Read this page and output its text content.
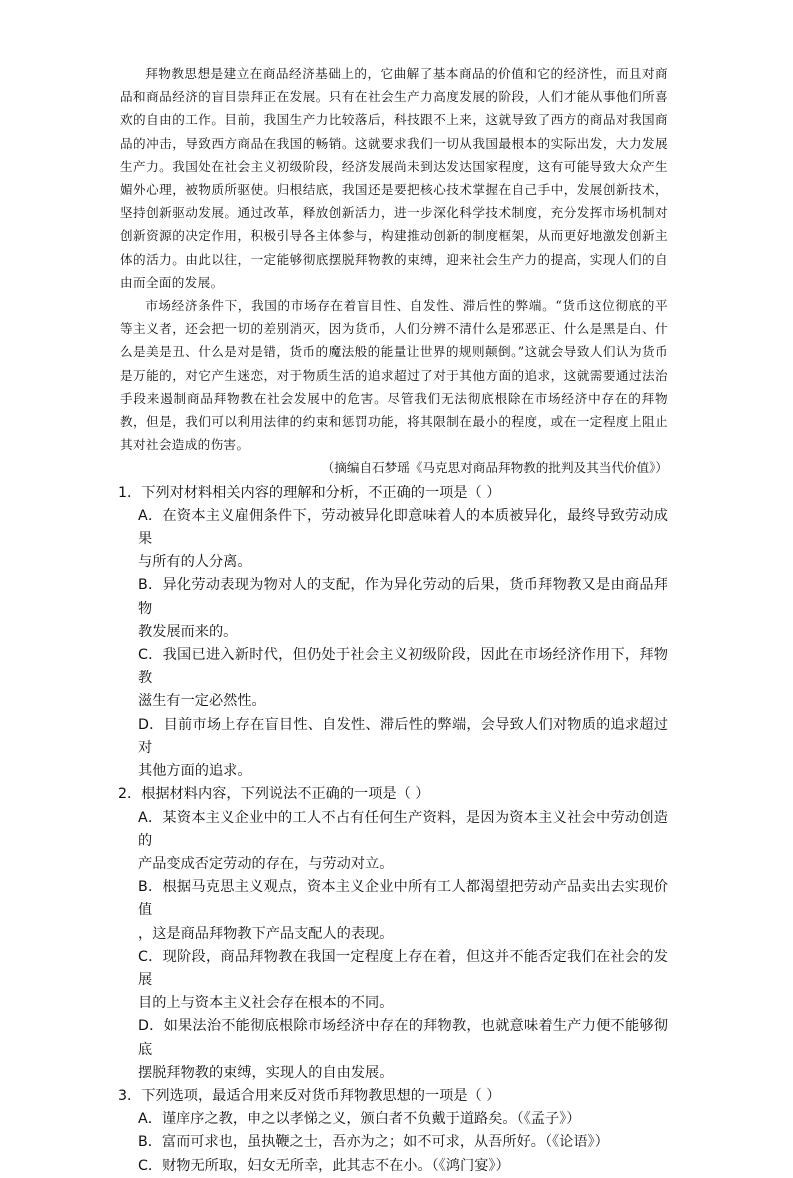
拜物教思想是建立在商品经济基础上的，它曲解了基本商品的价值和它的经济性，而且对商品和商品经济的盲目崇拜正在发展。只有在社会生产力高度发展的阶段，人们才能从事他们所喜欢的自由的工作。目前，我国生产力比较落后，科技跟不上来，这就导致了西方的商品对我国商品的冲击，导致西方商品在我国的畅销。这就要求我们一切从我国最根本的实际出发，大力发展生产力。我国处在社会主义初级阶段，经济发展尚未到达发达国家程度，这有可能导致大众产生媚外心理，被物质所驱使。归根结底，我国还是要把核心技术掌握在自己手中，发展创新技术，坚持创新驱动发展。通过改革，释放创新活力，进一步深化科学技术制度，充分发挥市场机制对创新资源的决定作用，积极引导各主体参与，构建推动创新的制度框架，从而更好地激发创新主体的活力。由此以往，一定能够彻底摆脱拜物教的束缚，迎来社会生产力的提高，实现人们的自由而全面的发展。

市场经济条件下，我国的市场存在着盲目性、自发性、滞后性的弊端。“货币这位彻底的平等主义者，还会把一切的差别消灭，因为货币，人们分辨不清什么是邪恶正、什么是黑是白、什么是美是丑、什么是对是错，货币的魔法般的能量让世界的规则颠倒。”这就会导致人们认为货币是万能的，对它产生迷恋，对于物质生活的追求超过了对于其他方面的追求，这就需要通过法治手段来遏制商品拜物教在社会发展中的危害。尽管我们无法彻底根除在市场经济中存在的拜物教，但是，我们可以利用法律的约束和惩罚功能，将其限制在最小的程度，或在一定程度上阻止其对社会造成的伤害。

（摘编自石梦瑶《马克思对商品拜物教的批判及其当代价值》）

1．下列对材料相关内容的理解和分析，不正确的一项是（ ）

A．在资本主义雇佣条件下，劳动被异化即意味着人的本质被异化，最终导致劳动成果
与所有的人分离。
B．异化劳动表现为物对人的支配，作为异化劳动的后果，货币拜物教又是由商品拜物
教发展而来的。
C．我国已进入新时代，但仍处于社会主义初级阶段，因此在市场经济作用下，拜物教
滋生有一定必然性。
D．目前市场上存在盲目性、自发性、滞后性的弊端，会导致人们对物质的追求超过对
其他方面的追求。

2．根据材料内容，下列说法不正确的一项是（ ）

A．某资本主义企业中的工人不占有任何生产资料，是因为资本主义社会中劳动创造的
产品变成否定劳动的存在，与劳动对立。
B．根据马克思主义观点，资本主义企业中所有工人都渴望把劳动产品卖出去实现价值
，这是商品拜物教下产品支配人的表现。
C．现阶段，商品拜物教在我国一定程度上存在着，但这并不能否定我们在社会的发展
目的上与资本主义社会存在根本的不同。
D．如果法治不能彻底根除市场经济中存在的拜物教，也就意味着生产力便不能够彻底
摆脱拜物教的束缚，实现人的自由发展。

3．下列选项，最适合用来反对货币拜物教思想的一项是（ ）

A．谨庠序之教，申之以孝悌之义，颁白者不负戴于道路矣。（《孟子》）
B．富而可求也，虽执鞭之士，吾亦为之；如不可求，从吾所好。（《论语》）
C．财物无所取，妇女无所幸，此其志不在小。（《鸿门宴》）
